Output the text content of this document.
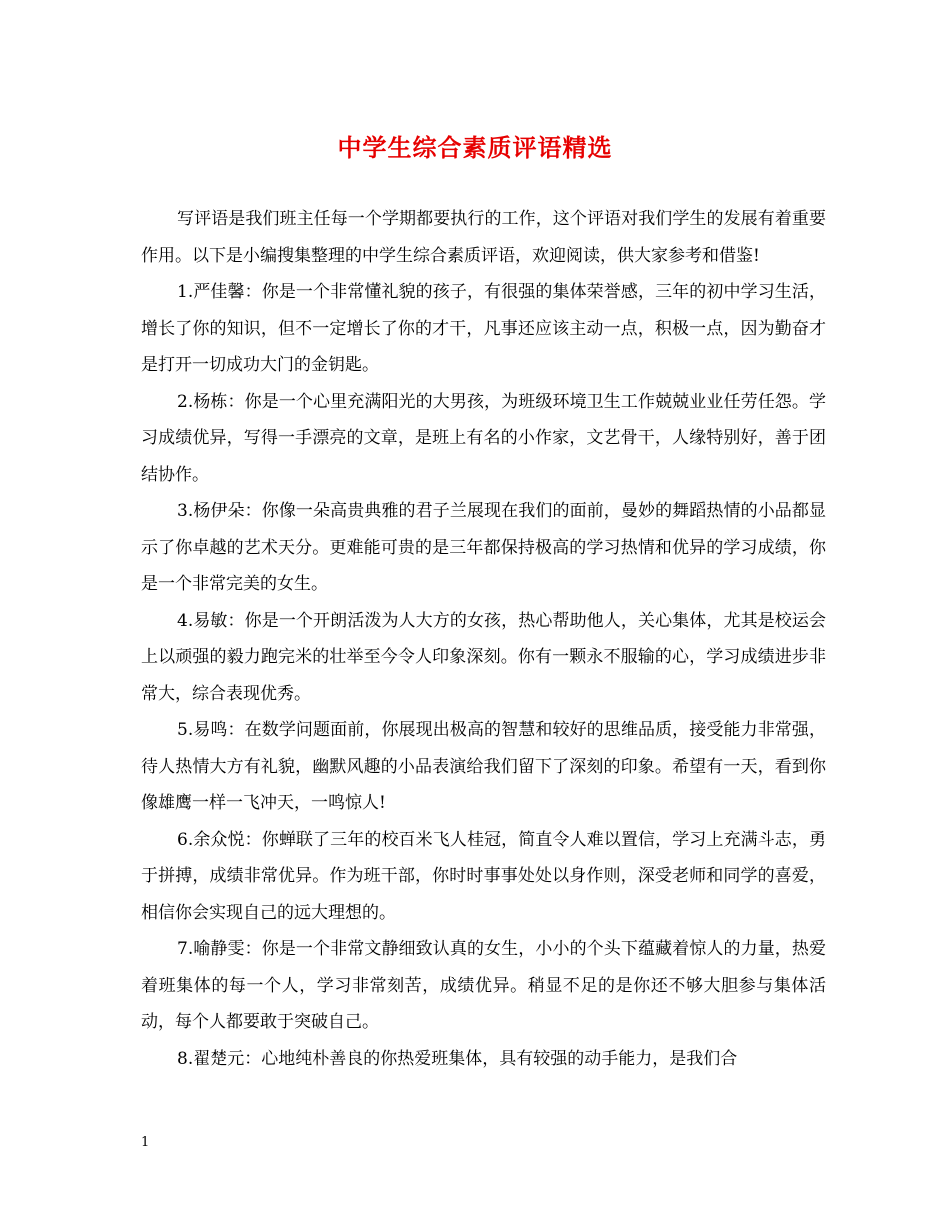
中学生综合素质评语精选

写评语是我们班主任每一个学期都要执行的工作，这个评语对我们学生的发展有着重要作用。以下是小编搜集整理的中学生综合素质评语，欢迎阅读，供大家参考和借鉴!

1.严佳馨：你是一个非常懂礼貌的孩子，有很强的集体荣誉感，三年的初中学习生活，增长了你的知识，但不一定增长了你的才干，凡事还应该主动一点，积极一点，因为勤奋才是打开一切成功大门的金钥匙。

2.杨栋：你是一个心里充满阳光的大男孩，为班级环境卫生工作兢兢业业任劳任怨。学习成绩优异，写得一手漂亮的文章，是班上有名的小作家，文艺骨干，人缘特别好，善于团结协作。

3.杨伊朵：你像一朵高贵典雅的君子兰展现在我们的面前，曼妙的舞蹈热情的小品都显示了你卓越的艺术天分。更难能可贵的是三年都保持极高的学习热情和优异的学习成绩，你是一个非常完美的女生。

4.易敏：你是一个开朗活泼为人大方的女孩，热心帮助他人，关心集体，尤其是校运会上以顽强的毅力跑完米的壮举至今令人印象深刻。你有一颗永不服输的心，学习成绩进步非常大，综合表现优秀。

5.易鸣：在数学问题面前，你展现出极高的智慧和较好的思维品质，接受能力非常强，待人热情大方有礼貌，幽默风趣的小品表演给我们留下了深刻的印象。希望有一天，看到你像雄鹰一样一飞冲天，一鸣惊人!

6.余众悦：你蝉联了三年的校百米飞人桂冠，简直令人难以置信，学习上充满斗志，勇于拼搏，成绩非常优异。作为班干部，你时时事事处处以身作则，深受老师和同学的喜爱，相信你会实现自己的远大理想的。

7.喻静雯：你是一个非常文静细致认真的女生，小小的个头下蕴藏着惊人的力量，热爱着班集体的每一个人，学习非常刻苦，成绩优异。稍显不足的是你还不够大胆参与集体活动，每个人都要敢于突破自己。

8.翟楚元：心地纯朴善良的你热爱班集体，具有较强的动手能力，是我们合

1
